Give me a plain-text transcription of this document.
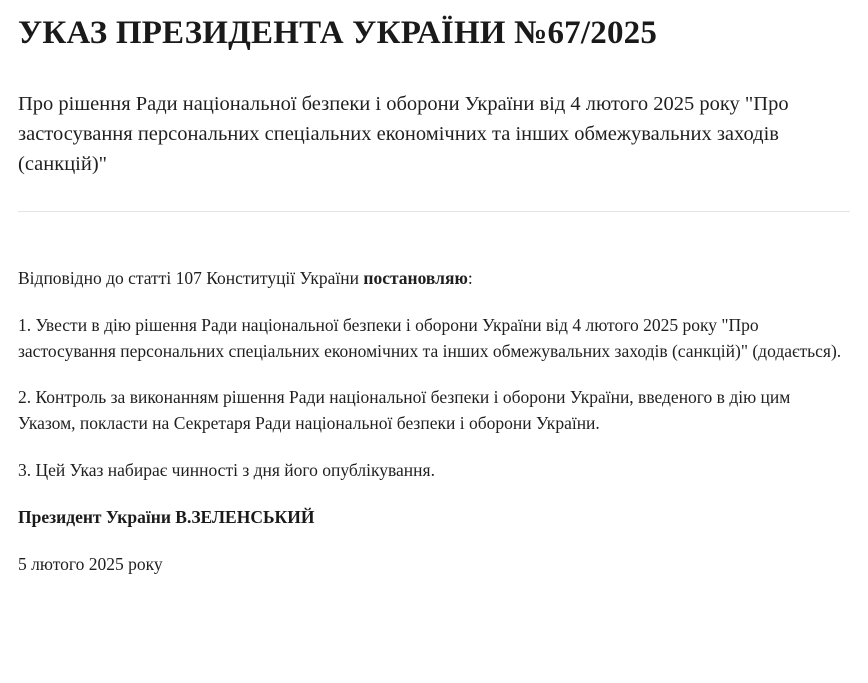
УКАЗ ПРЕЗИДЕНТА УКРАЇНИ №67/2025

Про рішення Ради національної безпеки і оборони України від 4 лютого 2025 року "Про застосування персональних спеціальних економічних та інших обмежувальних заходів (санкцій)"

Відповідно до статті 107 Конституції України постановляю:

1. Увести в дію рішення Ради національної безпеки і оборони України від 4 лютого 2025 року "Про застосування персональних спеціальних економічних та інших обмежувальних заходів (санкцій)" (додається).

2. Контроль за виконанням рішення Ради національної безпеки і оборони України, введеного в дію цим Указом, покласти на Секретаря Ради національної безпеки і оборони України.

3. Цей Указ набирає чинності з дня його опублікування.

Президент України В.ЗЕЛЕНСЬКИЙ

5 лютого 2025 року
